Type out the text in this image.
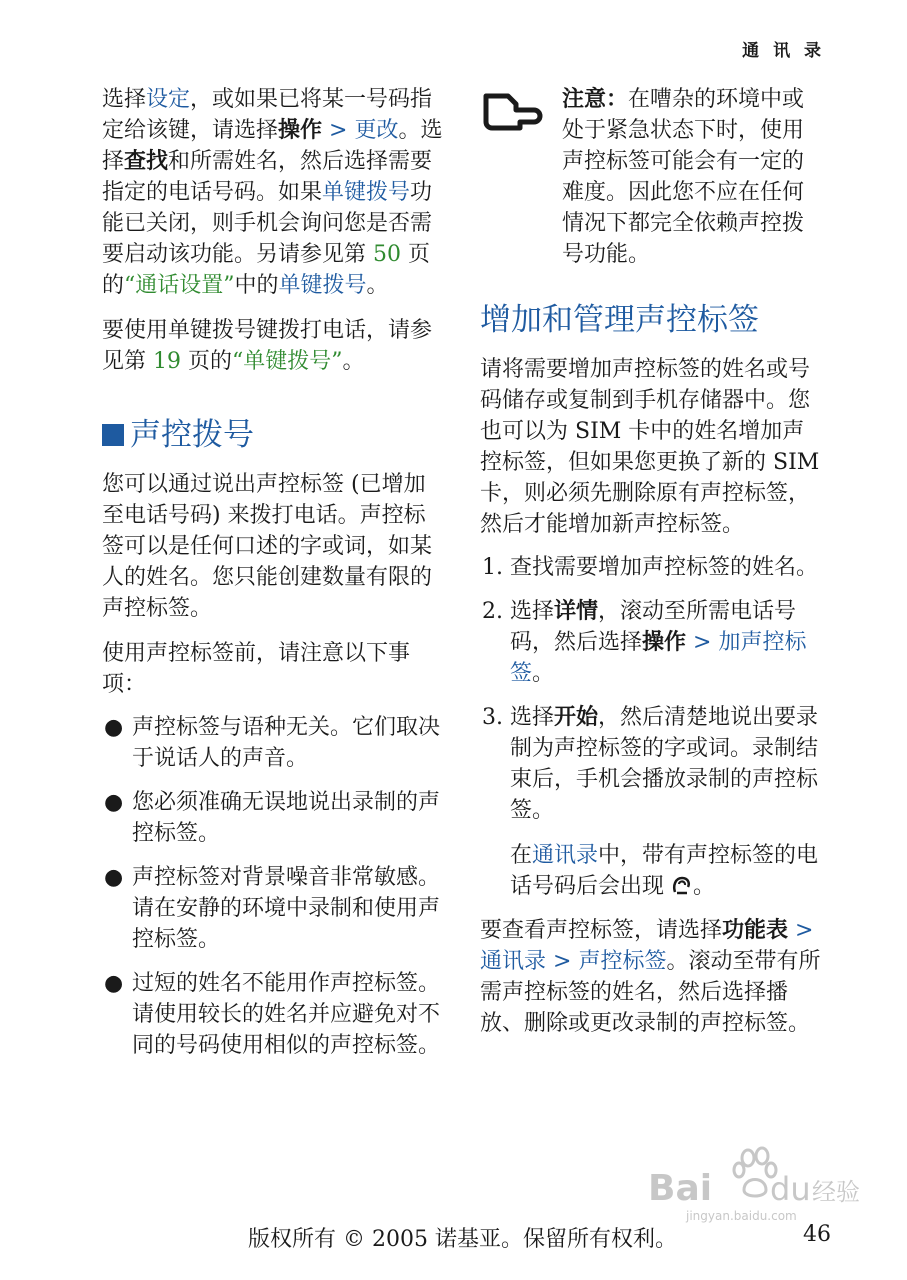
通 讯 录

选择设定，或如果已将某一号码指定给该键，请选择操作 > 更改。选择查找和所需姓名，然后选择需要指定的电话号码。如果单键拨号功能已关闭，则手机会询问您是否需要启动该功能。另请参见第 50 页的“通话设置”中的单键拨号。

要使用单键拨号键拨打电话，请参见第 19 页的“单键拨号”。

声控拨号

您可以通过说出声控标签 (已增加至电话号码) 来拨打电话。声控标签可以是任何口述的字或词，如某人的姓名。您只能创建数量有限的声控标签。

使用声控标签前，请注意以下事项：

● 声控标签与语种无关。它们取决于说话人的声音。
● 您必须准确无误地说出录制的声控标签。
● 声控标签对背景噪音非常敏感。请在安静的环境中录制和使用声控标签。
● 过短的姓名不能用作声控标签。请使用较长的姓名并应避免对不同的号码使用相似的声控标签。

注意：在嘈杂的环境中或处于紧急状态下时，使用声控标签可能会有一定的难度。因此您不应在任何情况下都完全依赖声控拨号功能。

增加和管理声控标签

请将需要增加声控标签的姓名或号码储存或复制到手机存储器中。您也可以为 SIM 卡中的姓名增加声控标签，但如果您更换了新的 SIM 卡，则必须先删除原有声控标签，然后才能增加新声控标签。

1. 查找需要增加声控标签的姓名。
2. 选择详情，滚动至所需电话号码，然后选择操作 > 加声控标签。
3. 选择开始，然后清楚地说出要录制为声控标签的字或词。录制结束后，手机会播放录制的声控标签。
在通讯录中，带有声控标签的电话号码后会出现 。

要查看声控标签，请选择功能表 > 通讯录 > 声控标签。滚动至带有所需声控标签的姓名，然后选择播放、删除或更改录制的声控标签。

Bai du 经验
jingyan.baidu.com
版权所有 © 2005 诺基亚。保留所有权利。	46
